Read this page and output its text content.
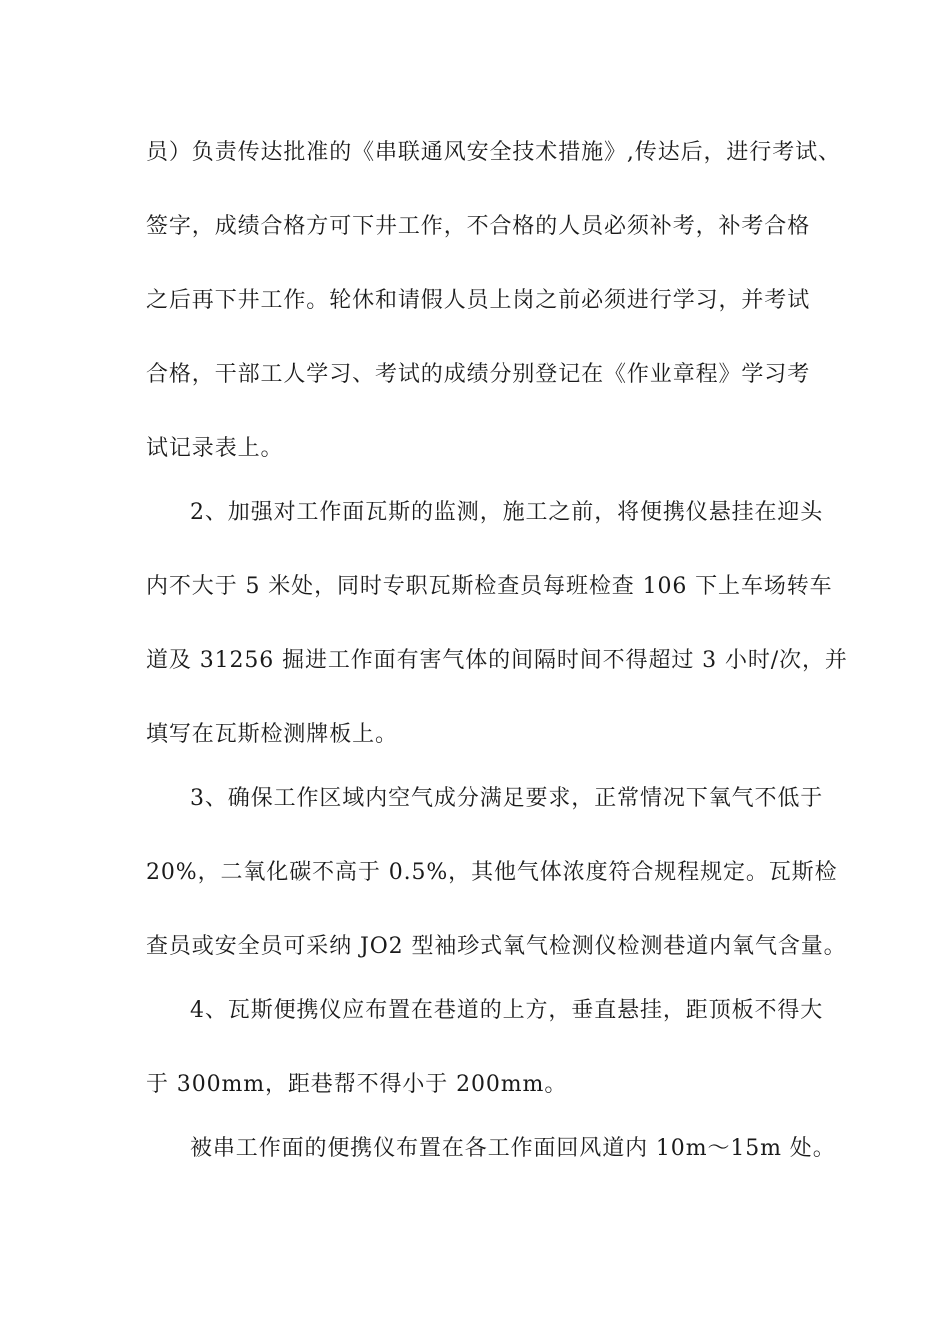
员）负责传达批准的《串联通风安全技术措施》,传达后，进行考试、
签字，成绩合格方可下井工作，不合格的人员必须补考，补考合格
之后再下井工作。轮休和请假人员上岗之前必须进行学习，并考试
合格，干部工人学习、考试的成绩分别登记在《作业章程》学习考
试记录表上。
2、加强对工作面瓦斯的监测，施工之前，将便携仪悬挂在迎头
内不大于 5 米处，同时专职瓦斯检查员每班检查 106 下上车场转车
道及 31256 掘进工作面有害气体的间隔时间不得超过 3 小时/次，并
填写在瓦斯检测牌板上。
3、确保工作区域内空气成分满足要求，正常情况下氧气不低于
20%，二氧化碳不高于 0.5%，其他气体浓度符合规程规定。瓦斯检
查员或安全员可采纳 JO2 型袖珍式氧气检测仪检测巷道内氧气含量。
4、瓦斯便携仪应布置在巷道的上方，垂直悬挂，距顶板不得大
于 300mm，距巷帮不得小于 200mm。
被串工作面的便携仪布置在各工作面回风道内 10m～15m 处。
